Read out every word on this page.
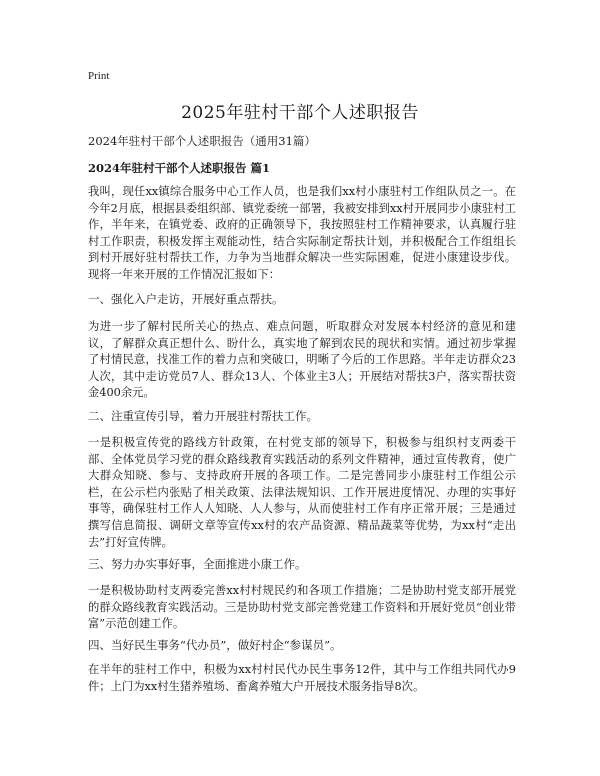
Print
2025年驻村干部个人述职报告
2024年驻村干部个人述职报告（通用31篇）
2024年驻村干部个人述职报告 篇1

我叫，现任xx镇综合服务中心工作人员，也是我们xx村小康驻村工作组队员之一。在今年2月底，根据县委组织部、镇党委统一部署，我被安排到xx村开展同步小康驻村工作，半年来，在镇党委、政府的正确领导下，我按照驻村工作精神要求，认真履行驻村工作职责，积极发挥主观能动性，结合实际制定帮扶计划，并积极配合工作组组长到村开展好驻村帮扶工作，力争为当地群众解决一些实际困难，促进小康建设步伐。现将一年来开展的工作情况汇报如下：

一、强化入户走访，开展好重点帮扶。

为进一步了解村民所关心的热点、难点问题，听取群众对发展本村经济的意见和建议，了解群众真正想什么、盼什么，真实地了解到农民的现状和实情。通过初步掌握了村情民意，找准工作的着力点和突破口，明晰了今后的工作思路。半年走访群众23人次，其中走访党员7人、群众13人、个体业主3人；开展结对帮扶3户，落实帮扶资金400余元。

二、注重宣传引导，着力开展驻村帮扶工作。

一是积极宣传党的路线方针政策，在村党支部的领导下，积极参与组织村支两委干部、全体党员学习党的群众路线教育实践活动的系列文件精神，通过宣传教育，使广大群众知晓、参与、支持政府开展的各项工作。二是完善同步小康驻村工作组公示栏，在公示栏内张贴了相关政策、法律法规知识、工作开展进度情况、办理的实事好事等，确保驻村工作人人知晓、人人参与，从而使驻村工作有序正常开展；三是通过撰写信息简报、调研文章等宣传xx村的农产品资源、精品蔬菜等优势，为xx村“走出去”打好宣传牌。

三、努力办实事好事，全面推进小康工作。

一是积极协助村支两委完善xx村村规民约和各项工作措施；二是协助村党支部开展党的群众路线教育实践活动。三是协助村党支部完善党建工作资料和开展好党员“创业带富”示范创建工作。

四、当好民生事务“代办员”，做好村企“参谋员”。

在半年的驻村工作中，积极为xx村村民代办民生事务12件，其中与工作组共同代办9件；上门为xx村生猪养殖场、畜禽养殖大户开展技术服务指导8次。
